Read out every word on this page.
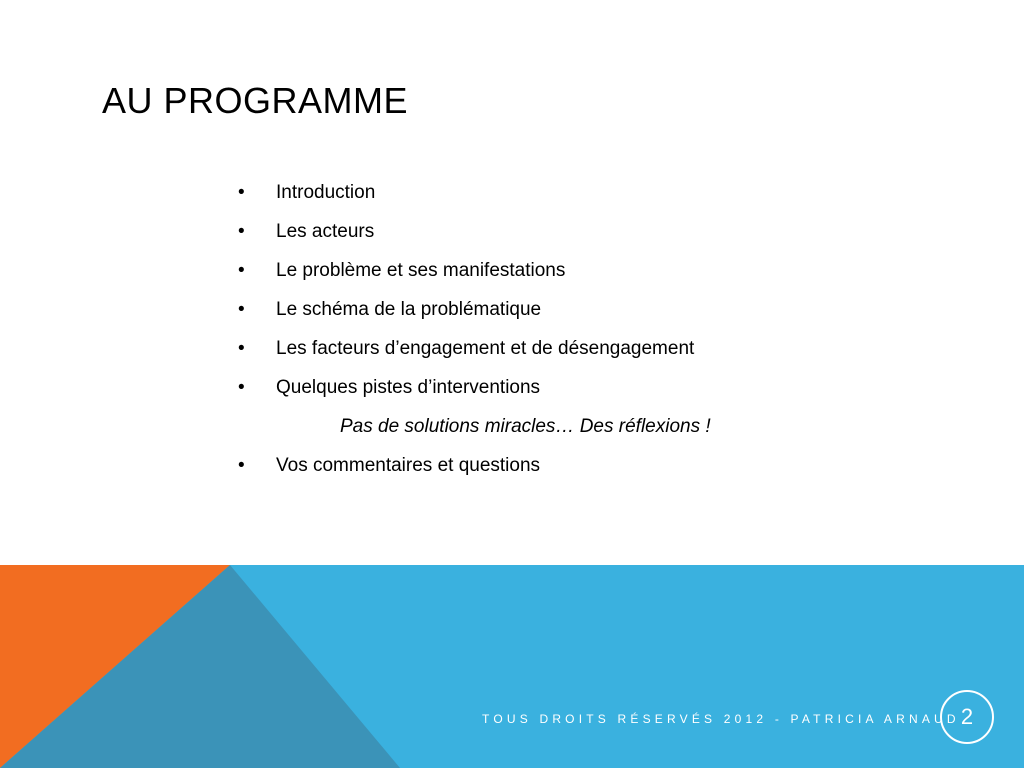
AU PROGRAMME
•	Introduction
•	Les acteurs
•	Le problème et ses manifestations
•	Le schéma de la problématique
•	Les facteurs d’engagement et de désengagement
•	Quelques pistes d’interventions
Pas de solutions miracles… Des réflexions !
•	Vos commentaires et questions
TOUS DROITS RÉSERVÉS 2012 - PATRICIA ARNAUD 2
